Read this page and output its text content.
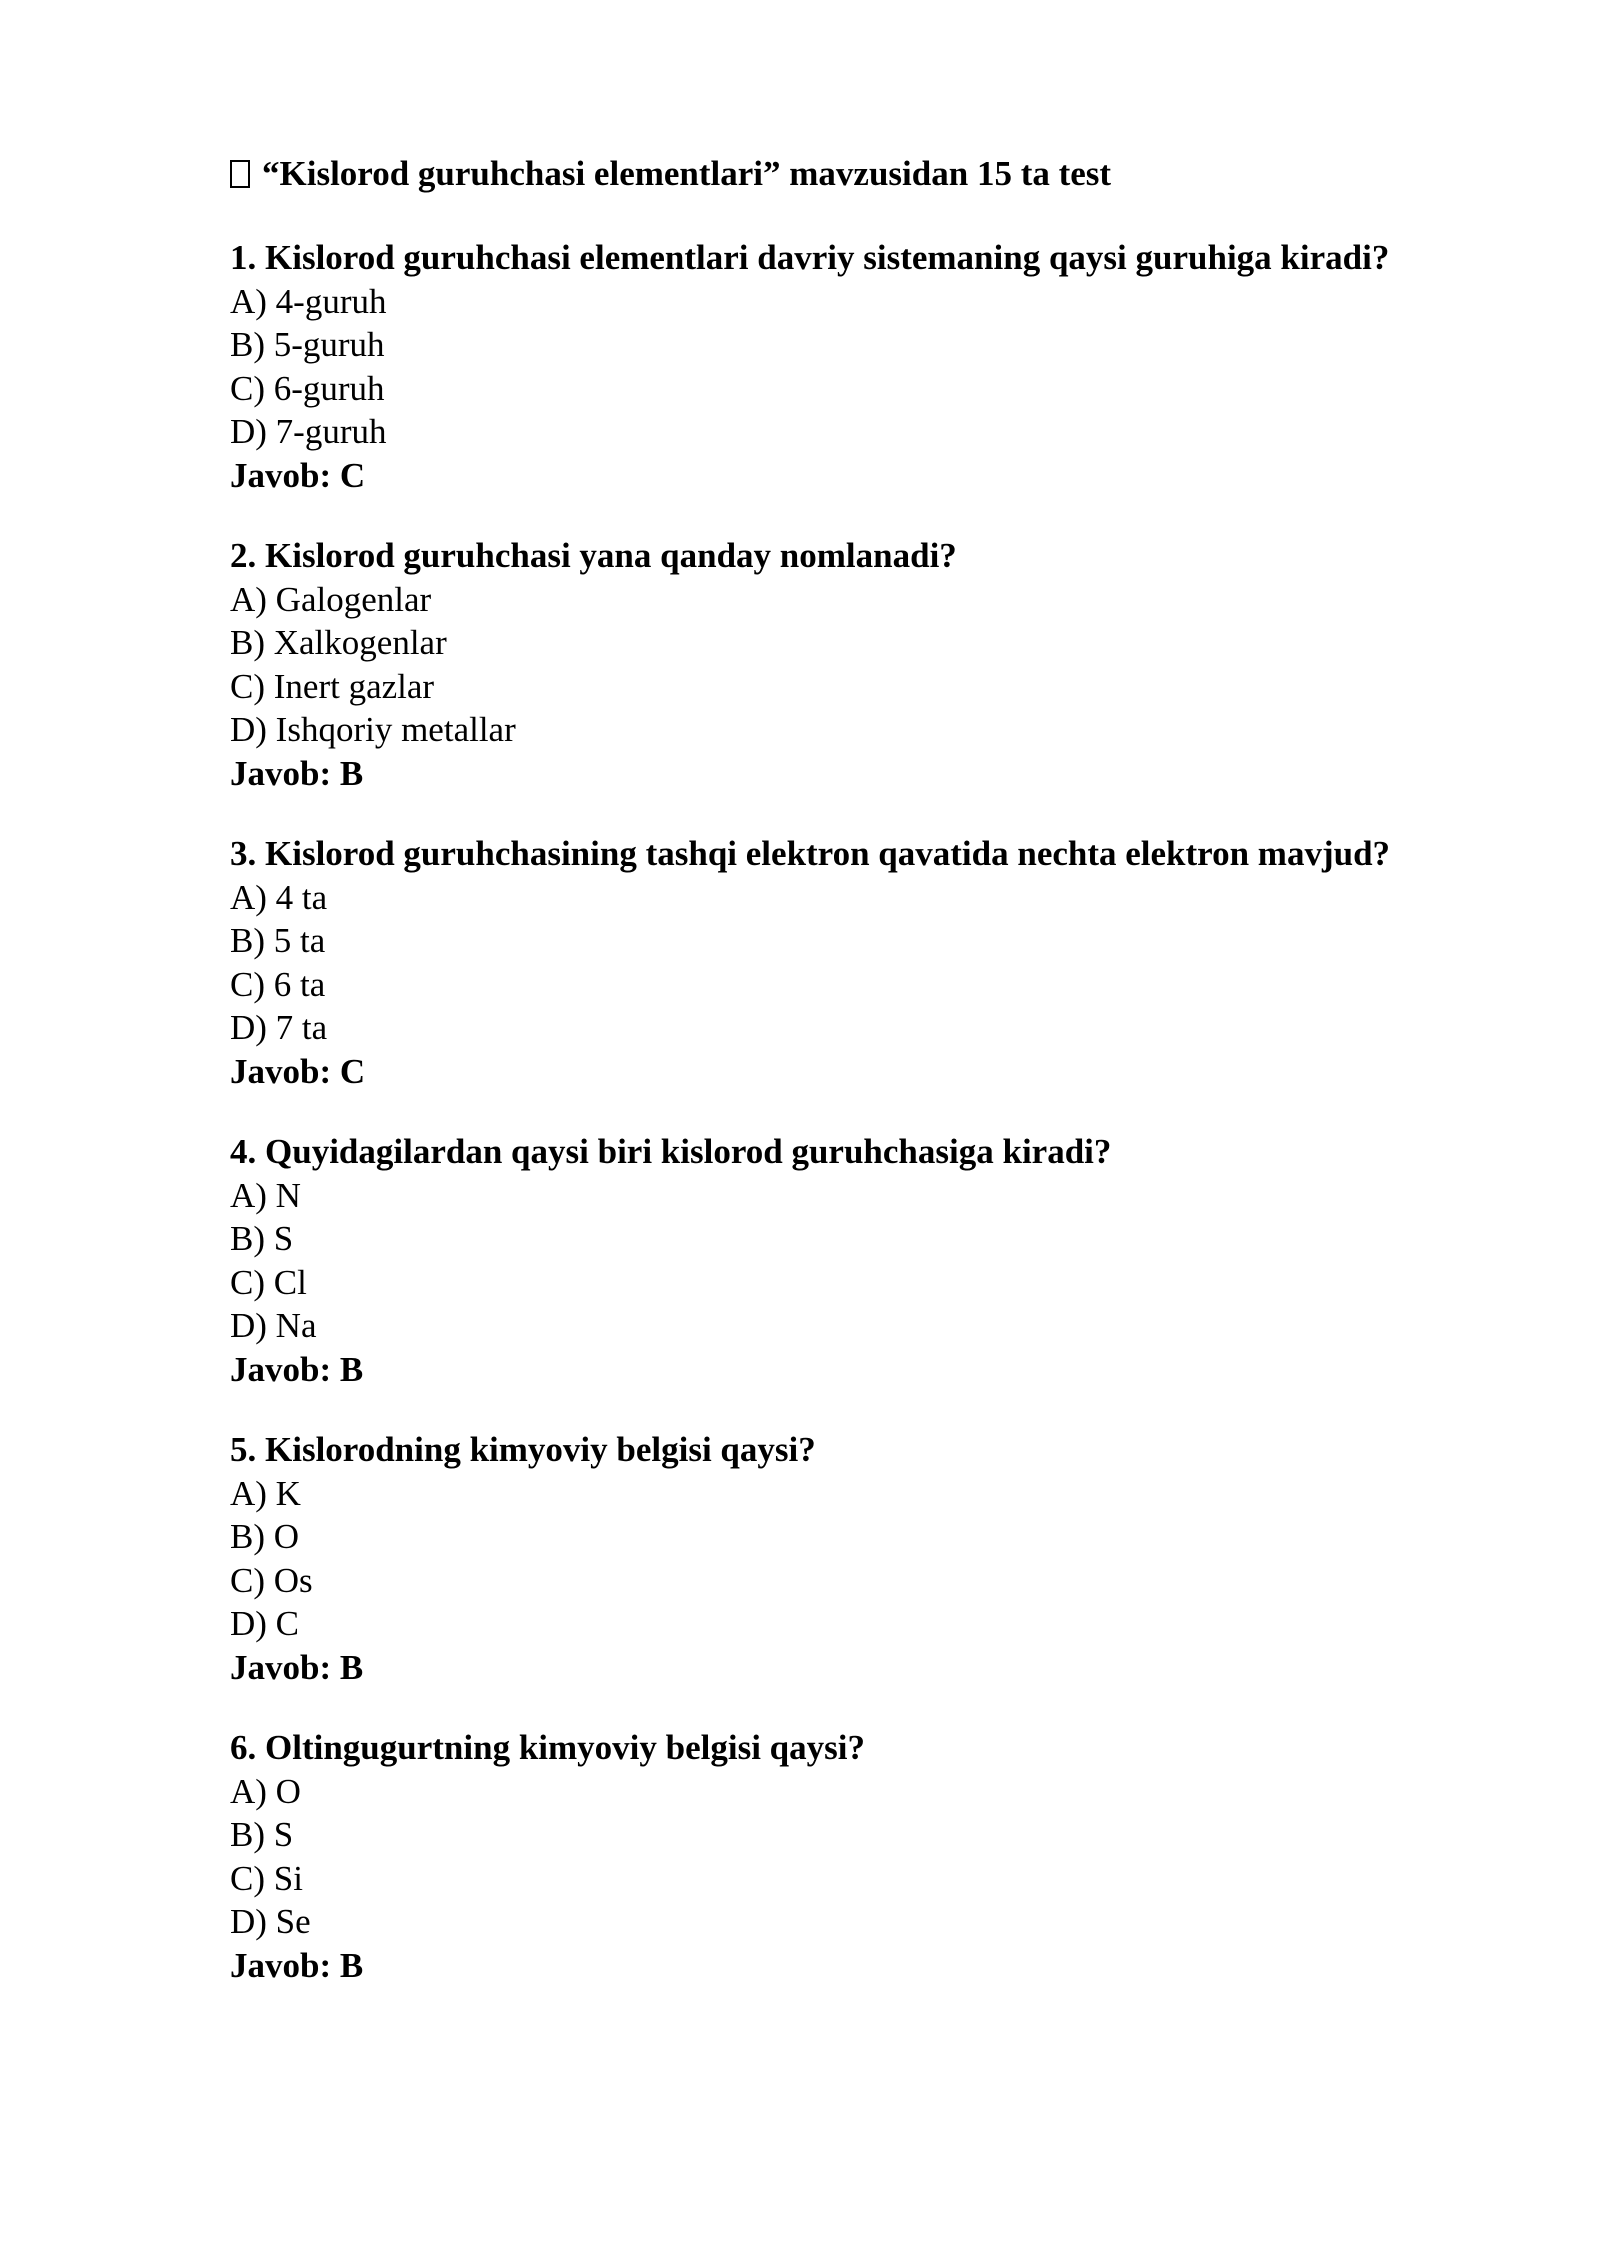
“Kislorod guruhchasi elementlari” mavzusidan 15 ta test
1. Kislorod guruhchasi elementlari davriy sistemaning qaysi guruhiga kiradi?
A) 4-guruh
B) 5-guruh
C) 6-guruh
D) 7-guruh
Javob: C
2. Kislorod guruhchasi yana qanday nomlanadi?
A) Galogenlar
B) Xalkogenlar
C) Inert gazlar
D) Ishqoriy metallar
Javob: B
3. Kislorod guruhchasining tashqi elektron qavatida nechta elektron mavjud?
A) 4 ta
B) 5 ta
C) 6 ta
D) 7 ta
Javob: C
4. Quyidagilardan qaysi biri kislorod guruhchasiga kiradi?
A) N
B) S
C) Cl
D) Na
Javob: B
5. Kislorodning kimyoviy belgisi qaysi?
A) K
B) O
C) Os
D) C
Javob: B
6. Oltingugurtning kimyoviy belgisi qaysi?
A) O
B) S
C) Si
D) Se
Javob: B
